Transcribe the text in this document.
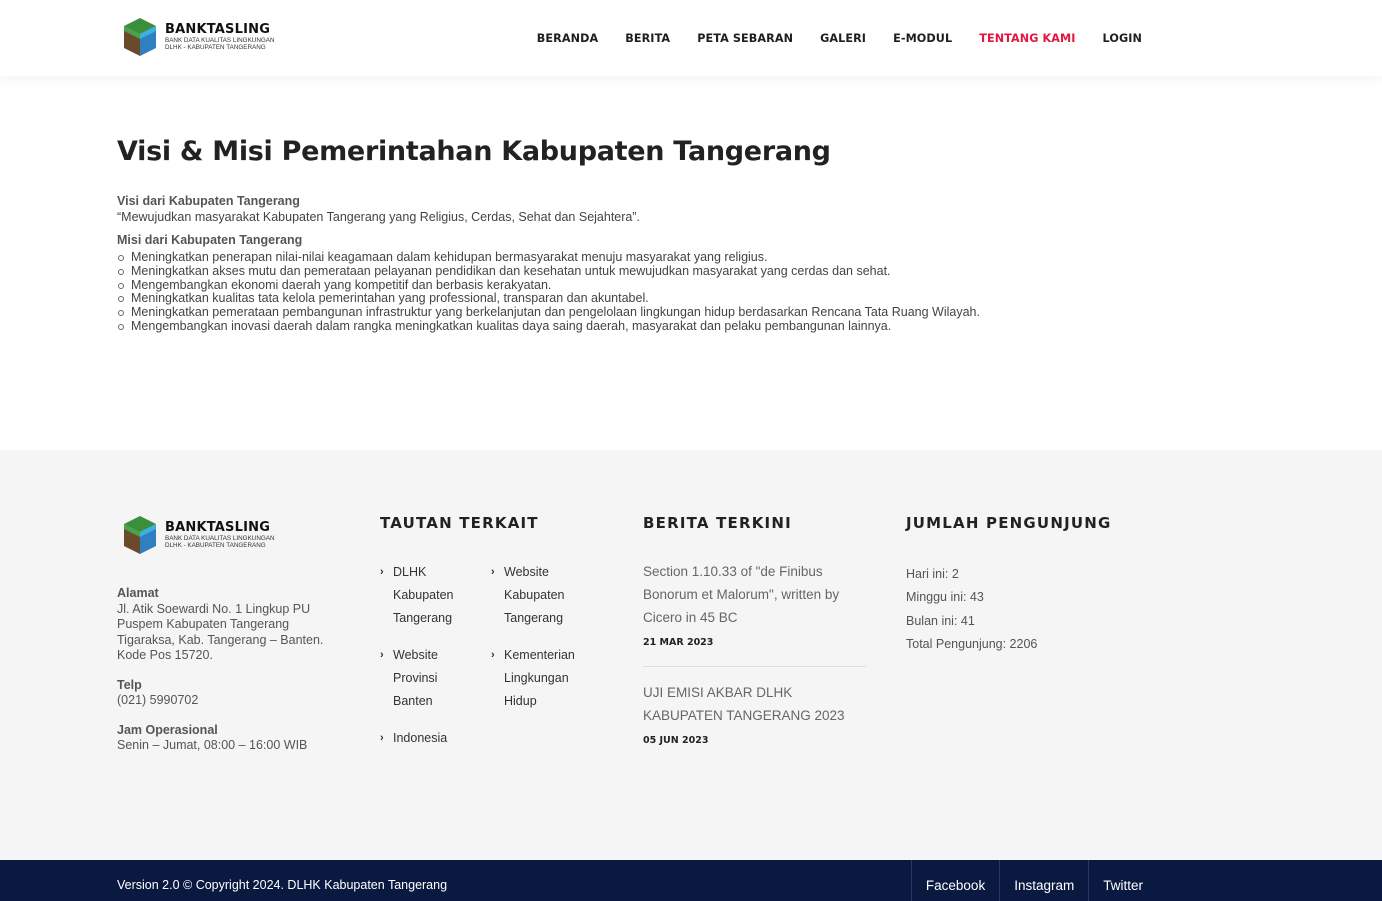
BANKTASLING
BANK DATA KUALITAS LINGKUNGAN
DLHK - KABUPATEN TANGERANG
BERANDA BERITA PETA SEBARAN GALERI E-MODUL TENTANG KAMI LOGIN
Visi & Misi Pemerintahan Kabupaten Tangerang
Visi dari Kabupaten Tangerang
“Mewujudkan masyarakat Kabupaten Tangerang yang Religius, Cerdas, Sehat dan Sejahtera”.
Misi dari Kabupaten Tangerang
Meningkatkan penerapan nilai-nilai keagamaan dalam kehidupan bermasyarakat menuju masyarakat yang religius.
Meningkatkan akses mutu dan pemerataan pelayanan pendidikan dan kesehatan untuk mewujudkan masyarakat yang cerdas dan sehat.
Mengembangkan ekonomi daerah yang kompetitif dan berbasis kerakyatan.
Meningkatkan kualitas tata kelola pemerintahan yang professional, transparan dan akuntabel.
Meningkatkan pemerataan pembangunan infrastruktur yang berkelanjutan dan pengelolaan lingkungan hidup berdasarkan Rencana Tata Ruang Wilayah.
Mengembangkan inovasi daerah dalam rangka meningkatkan kualitas daya saing daerah, masyarakat dan pelaku pembangunan lainnya.
BANKTASLING
BANK DATA KUALITAS LINGKUNGAN
DLHK - KABUPATEN TANGERANG
Alamat
Jl. Atik Soewardi No. 1 Lingkup PU
Puspem Kabupaten Tangerang
Tigaraksa, Kab. Tangerang – Banten.
Kode Pos 15720.
Telp
(021) 5990702
Jam Operasional
Senin – Jumat, 08:00 – 16:00 WIB
TAUTAN TERKAIT
› DLHK
Kabupaten
Tangerang
› Website
Kabupaten
Tangerang
› Website
Provinsi
Banten
› Kementerian
Lingkungan
Hidup
› Indonesia
BERITA TERKINI
Section 1.10.33 of "de Finibus Bonorum et Malorum", written by Cicero in 45 BC
21 MAR 2023
UJI EMISI AKBAR DLHK KABUPATEN TANGERANG 2023
05 JUN 2023
JUMLAH PENGUNJUNG
Hari ini: 2
Minggu ini: 43
Bulan ini: 41
Total Pengunjung: 2206
Version 2.0 © Copyright 2024. DLHK Kabupaten Tangerang	Facebook	Instagram	Twitter
